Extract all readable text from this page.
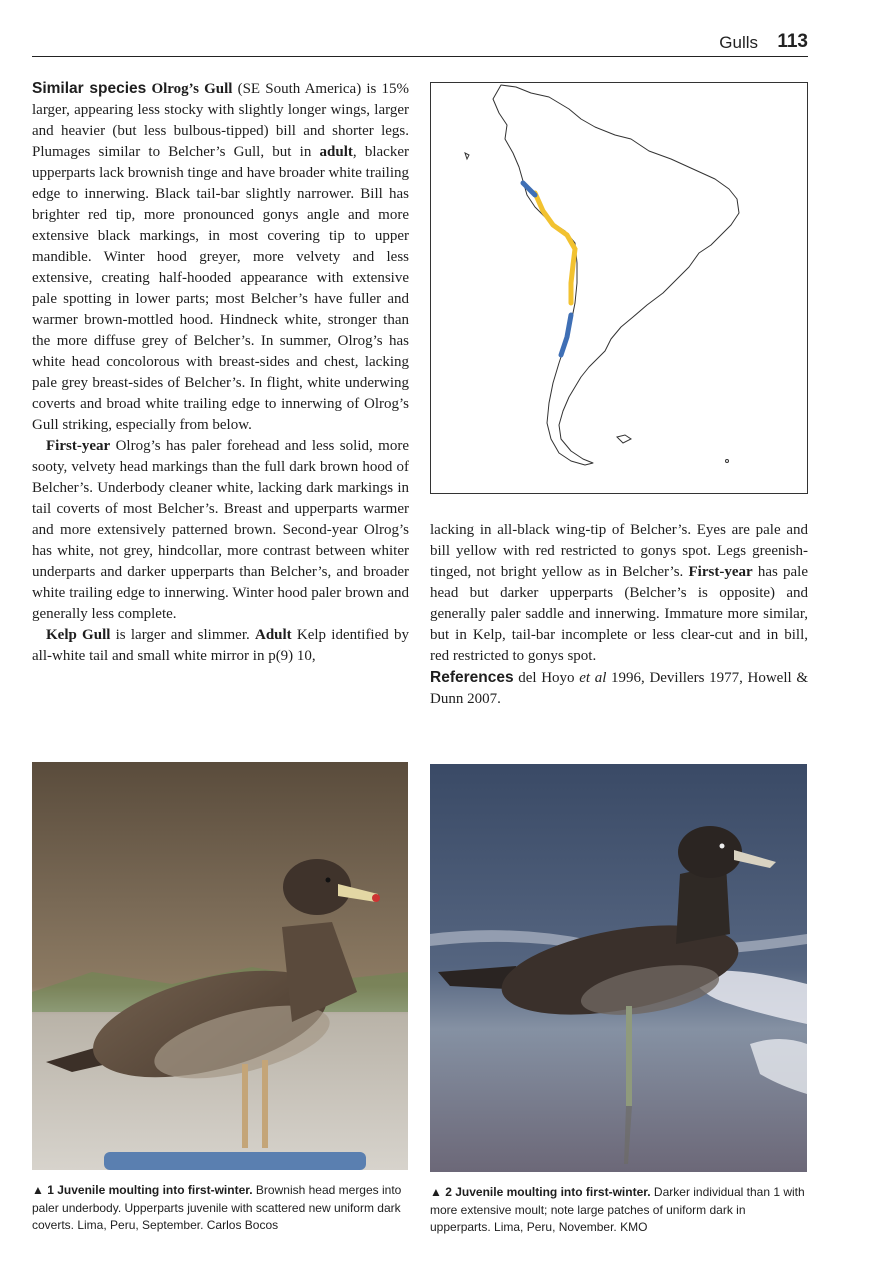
Gulls 113

Similar species Olrog’s Gull (SE South America) is 15% larger, appearing less stocky with slightly longer wings, larger and heavier (but less bulbous-tipped) bill and shorter legs. Plumages similar to Belcher’s Gull, but in adult, blacker upperparts lack brownish tinge and have broader white trailing edge to innerwing. Black tail-bar slightly narrower. Bill has brighter red tip, more pronounced gonys angle and more extensive black markings, in most covering tip to upper mandible. Winter hood greyer, more velvety and less extensive, creating half-hooded appearance with extensive pale spotting in lower parts; most Belcher’s have fuller and warmer brown-mottled hood. Hindneck white, stronger than the more diffuse grey of Belcher’s. In summer, Olrog’s has white head concolorous with breast-sides and chest, lacking pale grey breast-sides of Belcher’s. In flight, white underwing coverts and broad white trailing edge to innerwing of Olrog’s Gull striking, especially from below.

First-year Olrog’s has paler forehead and less solid, more sooty, velvety head markings than the full dark brown hood of Belcher’s. Underbody cleaner white, lacking dark markings in tail coverts of most Belcher’s. Breast and upperparts warmer and more extensively patterned brown. Second-year Olrog’s has white, not grey, hindcollar, more contrast between whiter underparts and darker upperparts than Belcher’s, and broader white trailing edge to innerwing. Winter hood paler brown and generally less complete.

Kelp Gull is larger and slimmer. Adult Kelp identified by all-white tail and small white mirror in p(9) 10,

lacking in all-black wing-tip of Belcher’s. Eyes are pale and bill yellow with red restricted to gonys spot. Legs greenish-tinged, not bright yellow as in Belcher’s. First-year has pale head but darker upperparts (Belcher’s is opposite) and generally paler saddle and innerwing. Immature more similar, but in Kelp, tail-bar incomplete or less clear-cut and in bill, red restricted to gonys spot.

References del Hoyo et al 1996, Devillers 1977, Howell & Dunn 2007.

▲ 1 Juvenile moulting into first-winter. Brownish head merges into paler underbody. Upperparts juvenile with scattered new uniform dark coverts. Lima, Peru, September. Carlos Bocos
▲ 2 Juvenile moulting into first-winter. Darker individual than 1 with more extensive moult; note large patches of uniform dark in upperparts. Lima, Peru, November. KMO
